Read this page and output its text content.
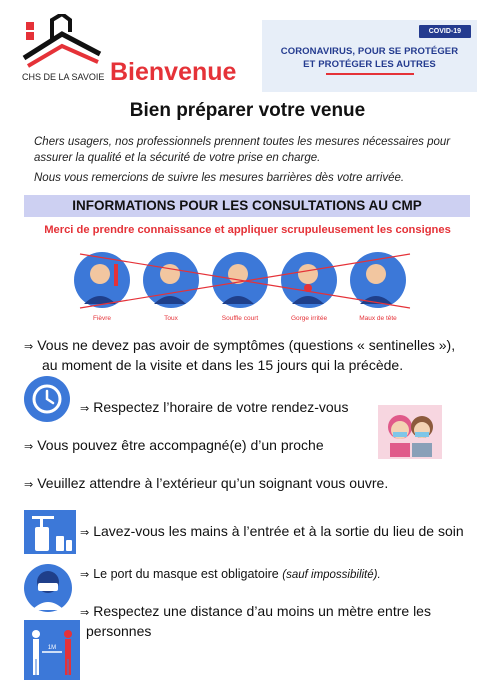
CHS DE LA SAVOIE Bienvenue
COVID-19
CORONAVIRUS, POUR SE PROTÉGER
ET PROTÉGER LES AUTRES
Bien préparer votre venue
Chers usagers, nos professionnels prennent toutes les mesures nécessaires pour assurer la qualité et la sécurité de votre prise en charge.
Nous vous remercions de suivre les mesures barrières dès votre arrivée.
INFORMATIONS POUR LES CONSULTATIONS AU CMP
Merci de prendre connaissance et appliquer scrupuleusement les consignes
Fièvre	Toux	Souffle court	Gorge irritée	Maux de tête
⇒ Vous ne devez pas avoir de symptômes (questions « sentinelles »),
au moment de la visite et dans les 15 jours qui la précède.
⇒ Respectez l’horaire de votre rendez-vous
⇒ Vous pouvez être accompagné(e) d’un proche
⇒ Veuillez attendre à l’extérieur qu’un soignant vous ouvre.
⇒ Lavez-vous les mains à l’entrée et à la sortie du lieu de soin
⇒ Le port du masque est obligatoire (sauf impossibilité).
⇒ Respectez une distance d’au moins un mètre entre les
1M
personnes
